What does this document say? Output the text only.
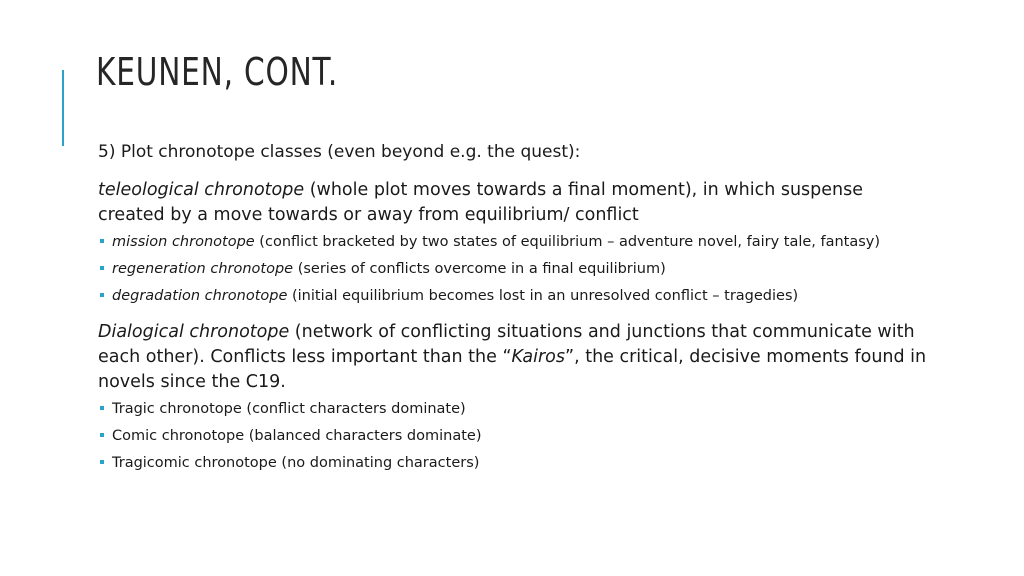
KEUNEN, CONT.

5) Plot chronotope classes (even beyond e.g. the quest):

teleological chronotope (whole plot moves towards a final moment), in which suspense created by a move towards or away from equilibrium/ conflict

mission chronotope (conflict bracketed by two states of equilibrium – adventure novel, fairy tale, fantasy)
regeneration chronotope (series of conflicts overcome in a final equilibrium)
degradation chronotope (initial equilibrium becomes lost in an unresolved conflict – tragedies)

Dialogical chronotope (network of conflicting situations and junctions that communicate with each other). Conflicts less important than the “Kairos”, the critical, decisive moments found in novels since the C19.

Tragic chronotope (conflict characters dominate)
Comic chronotope (balanced characters dominate)
Tragicomic chronotope (no dominating characters)
